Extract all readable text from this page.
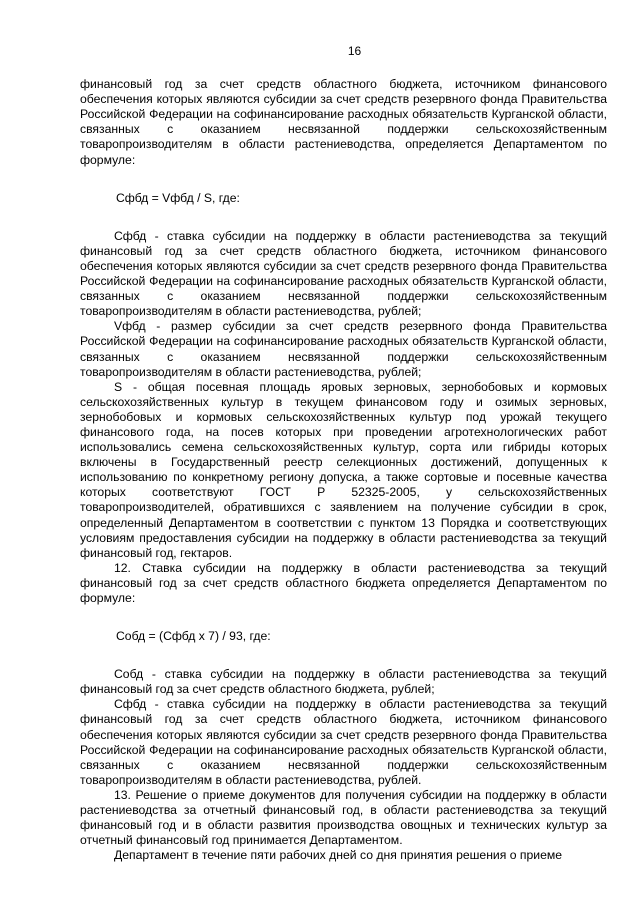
16

финансовый год за счет средств областного бюджета, источником финансового обеспечения которых являются субсидии за счет средств резервного фонда Правительства Российской Федерации на софинансирование расходных обязательств Курганской области, связанных с оказанием несвязанной поддержки сельскохозяйственным товаропроизводителям в области растениеводства, определяется Департаментом по формуле:

Сфбд = Vфбд / S, где:

Сфбд - ставка субсидии на поддержку в области растениеводства за текущий финансовый год за счет средств областного бюджета, источником финансового обеспечения которых являются субсидии за счет средств резервного фонда Правительства Российской Федерации на софинансирование расходных обязательств Курганской области, связанных с оказанием несвязанной поддержки сельскохозяйственным товаропроизводителям в области растениеводства, рублей;

Vфбд - размер субсидии за счет средств резервного фонда Правительства Российской Федерации на софинансирование расходных обязательств Курганской области, связанных с оказанием несвязанной поддержки сельскохозяйственным товаропроизводителям в области растениеводства, рублей;

S - общая посевная площадь яровых зерновых, зернобобовых и кормовых сельскохозяйственных культур в текущем финансовом году и озимых зерновых, зернобобовых и кормовых сельскохозяйственных культур под урожай текущего финансового года, на посев которых при проведении агротехнологических работ использовались семена сельскохозяйственных культур, сорта или гибриды которых включены в Государственный реестр селекционных достижений, допущенных к использованию по конкретному региону допуска, а также сортовые и посевные качества которых соответствуют ГОСТ Р 52325-2005, у сельскохозяйственных товаропроизводителей, обратившихся с заявлением на получение субсидии в срок, определенный Департаментом в соответствии с пунктом 13 Порядка и соответствующих условиям предоставления субсидии на поддержку в области растениеводства за текущий финансовый год, гектаров.

12. Ставка субсидии на поддержку в области растениеводства за текущий финансовый год за счет средств областного бюджета определяется Департаментом по формуле:

Собд = (Сфбд x 7) / 93, где:

Собд - ставка субсидии на поддержку в области растениеводства за текущий финансовый год за счет средств областного бюджета, рублей;

Сфбд - ставка субсидии на поддержку в области растениеводства за текущий финансовый год за счет средств областного бюджета, источником финансового обеспечения которых являются субсидии за счет средств резервного фонда Правительства Российской Федерации на софинансирование расходных обязательств Курганской области, связанных с оказанием несвязанной поддержки сельскохозяйственным товаропроизводителям в области растениеводства, рублей.

13. Решение о приеме документов для получения субсидии на поддержку в области растениеводства за отчетный финансовый год, в области растениеводства за текущий финансовый год и в области развития производства овощных и технических культур за отчетный финансовый год принимается Департаментом.

Департамент в течение пяти рабочих дней со дня принятия решения о приеме
